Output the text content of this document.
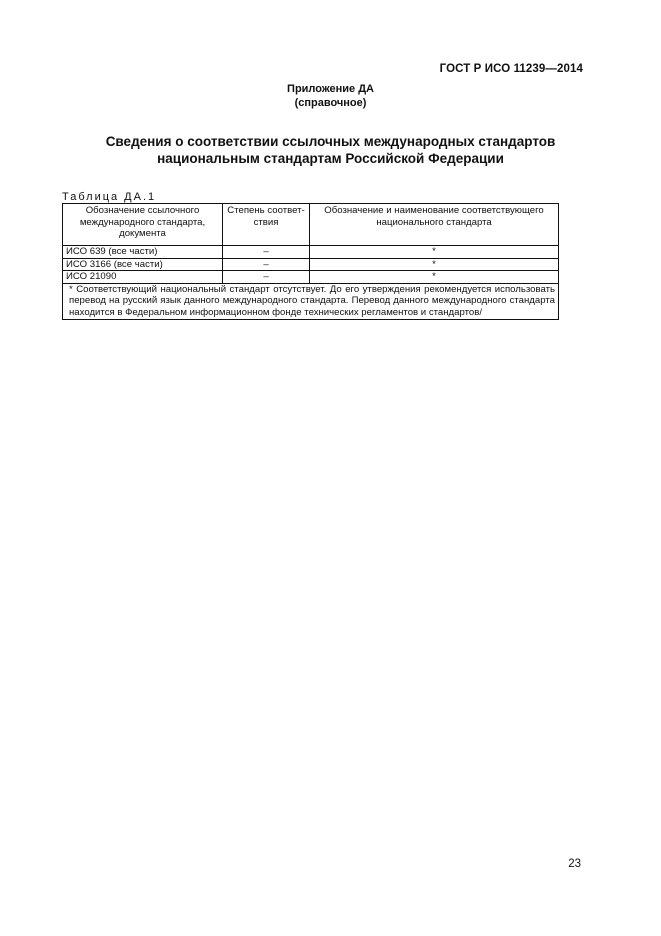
ГОСТ Р ИСО 11239—2014
Приложение ДА
(справочное)
Сведения о соответствии ссылочных международных стандартов
национальным стандартам Российской Федерации
Таблица ДА.1
Обозначение ссылочного международного стандарта, документа	Степень соответ-ствия	Обозначение и наименование соответствующего национального стандарта
ИСО 639 (все части)	–	*
ИСО 3166 (все части)	–	*
ИСО 21090	–	*
* Соответствующий национальный стандарт отсутствует. До его утверждения рекомендуется использовать перевод на русский язык данного международного стандарта. Перевод данного международного стандарта находится в Федеральном информационном фонде технических регламентов и стандартов/		
23
